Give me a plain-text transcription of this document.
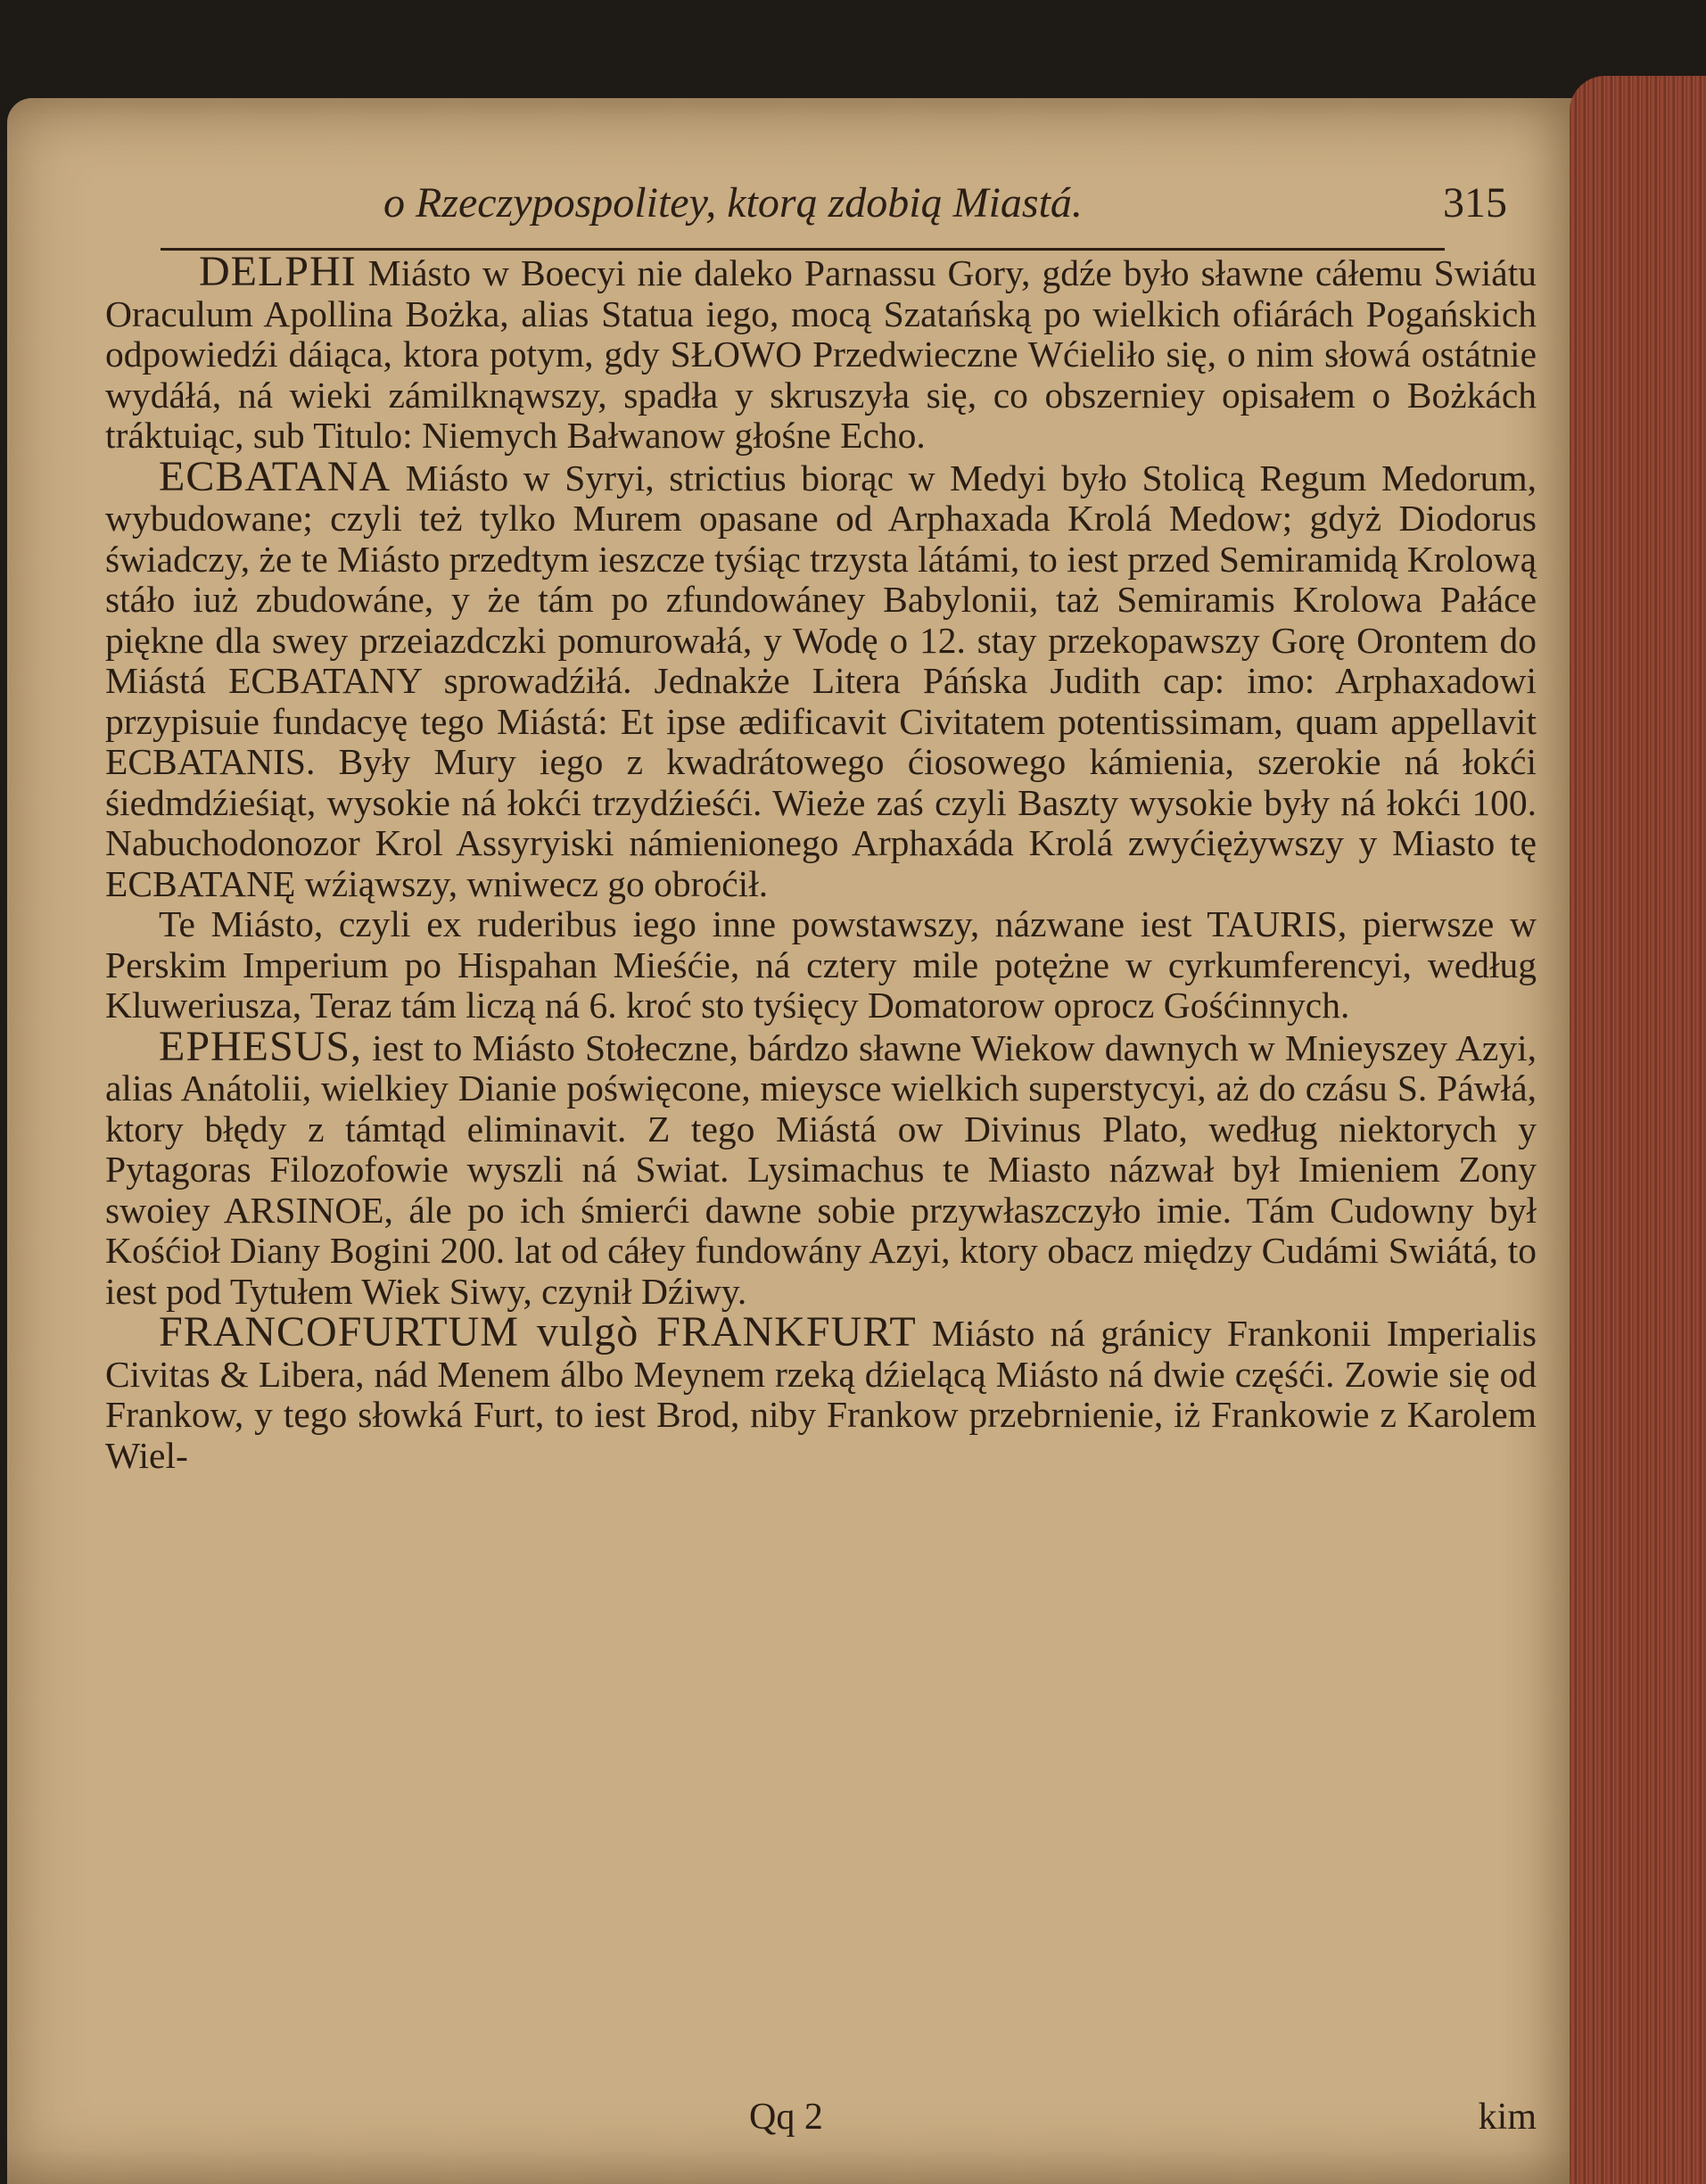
o Rzeczypospolitey, ktorą zdobią Miastá.	315

DELPHI Miásto w Boecyi nie daleko Parnassu Gory, gdźe było sławne cáłemu Swiátu Oraculum Apollina Bożka, alias Statua iego, mocą Szatańską po wielkich ofiárách Pogańskich odpowiedźi dáiąca, ktora potym, gdy SŁOWO Przedwieczne Wćieliło się, o nim słowá ostátnie wydáłá, ná wieki zámilknąwszy, spadła y skruszyła się, co obszerniey opisałem o Bożkách tráktuiąc, sub Titulo: Niemych Bałwanow głośne Echo.

ECBATANA Miásto w Syryi, strictius biorąc w Medyi było Stolicą Regum Medorum, wybudowane; czyli też tylko Murem opasane od Arphaxada Krolá Medow; gdyż Diodorus świadczy, że te Miásto przedtym ieszcze tyśiąc trzysta látámi, to iest przed Semiramidą Krolową stáło iuż zbudowáne, y że tám po zfundowáney Babylonii, taż Semiramis Krolowa Pałáce piękne dla swey przeiazdczki pomurowałá, y Wodę o 12. stay przekopawszy Gorę Orontem do Miástá ECBATANY sprowadźiłá. Jednakże Litera Páńska Judith cap: imo: Arphaxadowi przypisuie fundacyę tego Miástá: Et ipse ædificavit Civitatem potentissimam, quam appellavit ECBATANIS. Były Mury iego z kwadrátowego ćiosowego kámienia, szerokie ná łokći śiedmdźieśiąt, wysokie ná łokći trzydźieśći. Wieże zaś czyli Baszty wysokie były ná łokći 100. Nabuchodonozor Krol Assyryiski námienionego Arphaxáda Krolá zwyćiężywszy y Miasto tę ECBATANĘ wźiąwszy, wniwecz go obroćił.

Te Miásto, czyli ex ruderibus iego inne powstawszy, názwane iest TAURIS, pierwsze w Perskim Imperium po Hispahan Mieśćie, ná cztery mile potężne w cyrkumferencyi, według Kluweriusza, Teraz tám liczą ná 6. kroć sto tyśięcy Domatorow oprocz Gośćinnych.

EPHESUS, iest to Miásto Stołeczne, bárdzo sławne Wiekow dawnych w Mnieyszey Azyi, alias Anátolii, wielkiey Dianie poświęcone, mieysce wielkich superstycyi, aż do czásu S. Páwłá, ktory błędy z támtąd eliminavit. Z tego Miástá ow Divinus Plato, według niektorych y Pytagoras Filozofowie wyszli ná Swiat. Lysimachus te Miasto názwał był Imieniem Zony swoiey ARSINOE, ále po ich śmierći dawne sobie przywłaszczyło imie. Tám Cudowny był Kośćioł Diany Bogini 200. lat od cáłey fundowány Azyi, ktory obacz między Cudámi Swiátá, to iest pod Tytułem Wiek Siwy, czynił Dźiwy.

FRANCOFURTUM vulgò FRANKFURT Miásto ná gránicy Frankonii Imperialis Civitas & Libera, nád Menem álbo Meynem rzeką dźielącą Miásto ná dwie częśći. Zowie się od Frankow, y tego słowká Furt, to iest Brod, niby Frankow przebrnienie, iż Frankowie z Karolem Wiel-

Qq 2	kim
